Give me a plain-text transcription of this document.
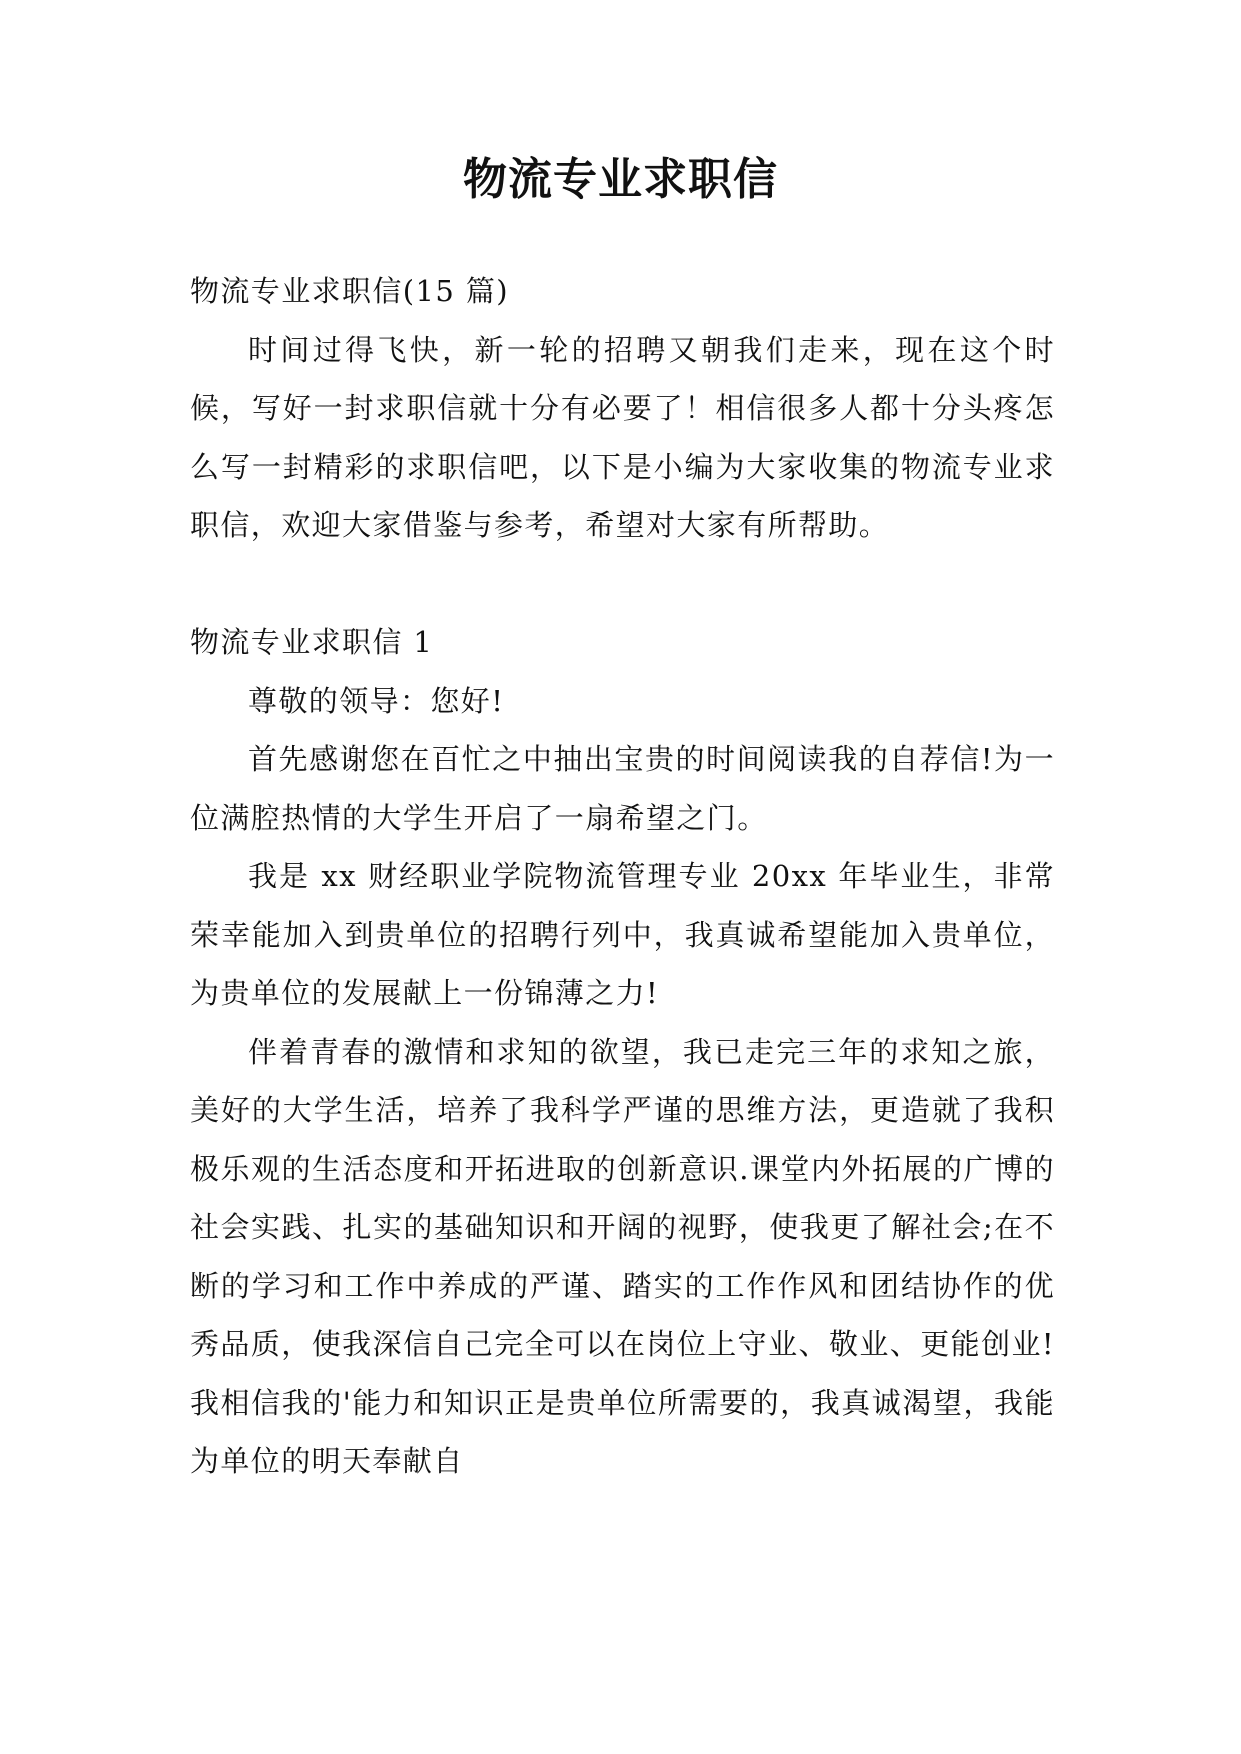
物流专业求职信

物流专业求职信(15 篇)

时间过得飞快，新一轮的招聘又朝我们走来，现在这个时候，写好一封求职信就十分有必要了！相信很多人都十分头疼怎么写一封精彩的求职信吧，以下是小编为大家收集的物流专业求职信，欢迎大家借鉴与参考，希望对大家有所帮助。

物流专业求职信 1

尊敬的领导：您好!

首先感谢您在百忙之中抽出宝贵的时间阅读我的自荐信!为一位满腔热情的大学生开启了一扇希望之门。

我是 xx 财经职业学院物流管理专业 20xx 年毕业生，非常荣幸能加入到贵单位的招聘行列中，我真诚希望能加入贵单位，为贵单位的发展献上一份锦薄之力!

伴着青春的激情和求知的欲望，我已走完三年的求知之旅，美好的大学生活，培养了我科学严谨的思维方法，更造就了我积极乐观的生活态度和开拓进取的创新意识.课堂内外拓展的广博的社会实践、扎实的基础知识和开阔的视野，使我更了解社会;在不断的学习和工作中养成的严谨、踏实的工作作风和团结协作的优秀品质，使我深信自己完全可以在岗位上守业、敬业、更能创业!我相信我的'能力和知识正是贵单位所需要的，我真诚渴望，我能为单位的明天奉献自
